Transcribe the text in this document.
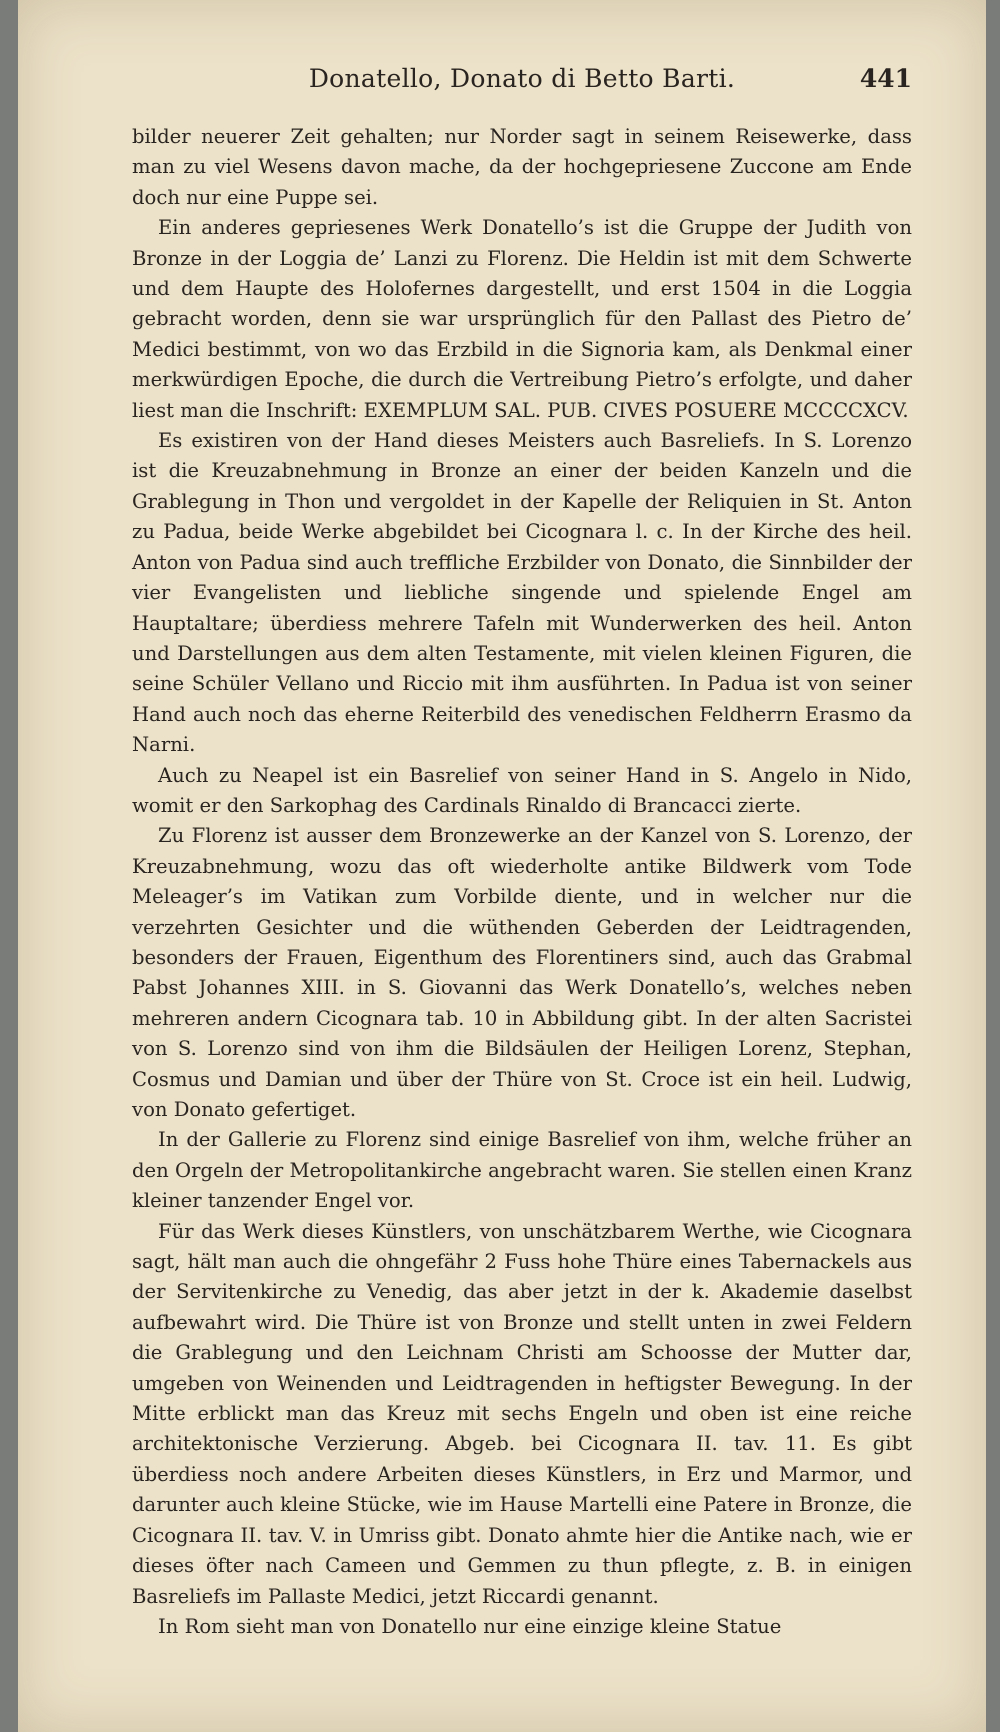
Donatello, Donato di Betto Barti.	441

bilder neuerer Zeit gehalten; nur Norder sagt in seinem Reisewerke, dass man zu viel Wesens davon mache, da der hochgepriesene Zuccone am Ende doch nur eine Puppe sei.

Ein anderes gepriesenes Werk Donatello’s ist die Gruppe der Judith von Bronze in der Loggia de’ Lanzi zu Florenz. Die Heldin ist mit dem Schwerte und dem Haupte des Holofernes dargestellt, und erst 1504 in die Loggia gebracht worden, denn sie war ursprünglich für den Pallast des Pietro de’ Medici bestimmt, von wo das Erzbild in die Signoria kam, als Denkmal einer merkwürdigen Epoche, die durch die Vertreibung Pietro’s erfolgte, und daher liest man die Inschrift: EXEMPLUM SAL. PUB. CIVES POSUERE MCCCCXCV.

Es existiren von der Hand dieses Meisters auch Basreliefs. In S. Lorenzo ist die Kreuzabnehmung in Bronze an einer der beiden Kanzeln und die Grablegung in Thon und vergoldet in der Kapelle der Reliquien in St. Anton zu Padua, beide Werke abgebildet bei Cicognara l. c. In der Kirche des heil. Anton von Padua sind auch treffliche Erzbilder von Donato, die Sinnbilder der vier Evangelisten und liebliche singende und spielende Engel am Hauptaltare; überdiess mehrere Tafeln mit Wunderwerken des heil. Anton und Darstellungen aus dem alten Testamente, mit vielen kleinen Figuren, die seine Schüler Vellano und Riccio mit ihm ausführten. In Padua ist von seiner Hand auch noch das eherne Reiterbild des venedischen Feldherrn Erasmo da Narni.

Auch zu Neapel ist ein Basrelief von seiner Hand in S. Angelo in Nido, womit er den Sarkophag des Cardinals Rinaldo di Brancacci zierte.

Zu Florenz ist ausser dem Bronzewerke an der Kanzel von S. Lorenzo, der Kreuzabnehmung, wozu das oft wiederholte antike Bildwerk vom Tode Meleager’s im Vatikan zum Vorbilde diente, und in welcher nur die verzehrten Gesichter und die wüthenden Geberden der Leidtragenden, besonders der Frauen, Eigenthum des Florentiners sind, auch das Grabmal Pabst Johannes XIII. in S. Giovanni das Werk Donatello’s, welches neben mehreren andern Cicognara tab. 10 in Abbildung gibt. In der alten Sacristei von S. Lorenzo sind von ihm die Bildsäulen der Heiligen Lorenz, Stephan, Cosmus und Damian und über der Thüre von St. Croce ist ein heil. Ludwig, von Donato gefertiget.

In der Gallerie zu Florenz sind einige Basrelief von ihm, welche früher an den Orgeln der Metropolitankirche angebracht waren. Sie stellen einen Kranz kleiner tanzender Engel vor.

Für das Werk dieses Künstlers, von unschätzbarem Werthe, wie Cicognara sagt, hält man auch die ohngefähr 2 Fuss hohe Thüre eines Tabernackels aus der Servitenkirche zu Venedig, das aber jetzt in der k. Akademie daselbst aufbewahrt wird. Die Thüre ist von Bronze und stellt unten in zwei Feldern die Grablegung und den Leichnam Christi am Schoosse der Mutter dar, umgeben von Weinenden und Leidtragenden in heftigster Bewegung. In der Mitte erblickt man das Kreuz mit sechs Engeln und oben ist eine reiche architektonische Verzierung. Abgeb. bei Cicognara II. tav. 11. Es gibt überdiess noch andere Arbeiten dieses Künstlers, in Erz und Marmor, und darunter auch kleine Stücke, wie im Hause Martelli eine Patere in Bronze, die Cicognara II. tav. V. in Umriss gibt. Donato ahmte hier die Antike nach, wie er dieses öfter nach Cameen und Gemmen zu thun pflegte, z. B. in einigen Basreliefs im Pallaste Medici, jetzt Riccardi genannt.

In Rom sieht man von Donatello nur eine einzige kleine Statue
